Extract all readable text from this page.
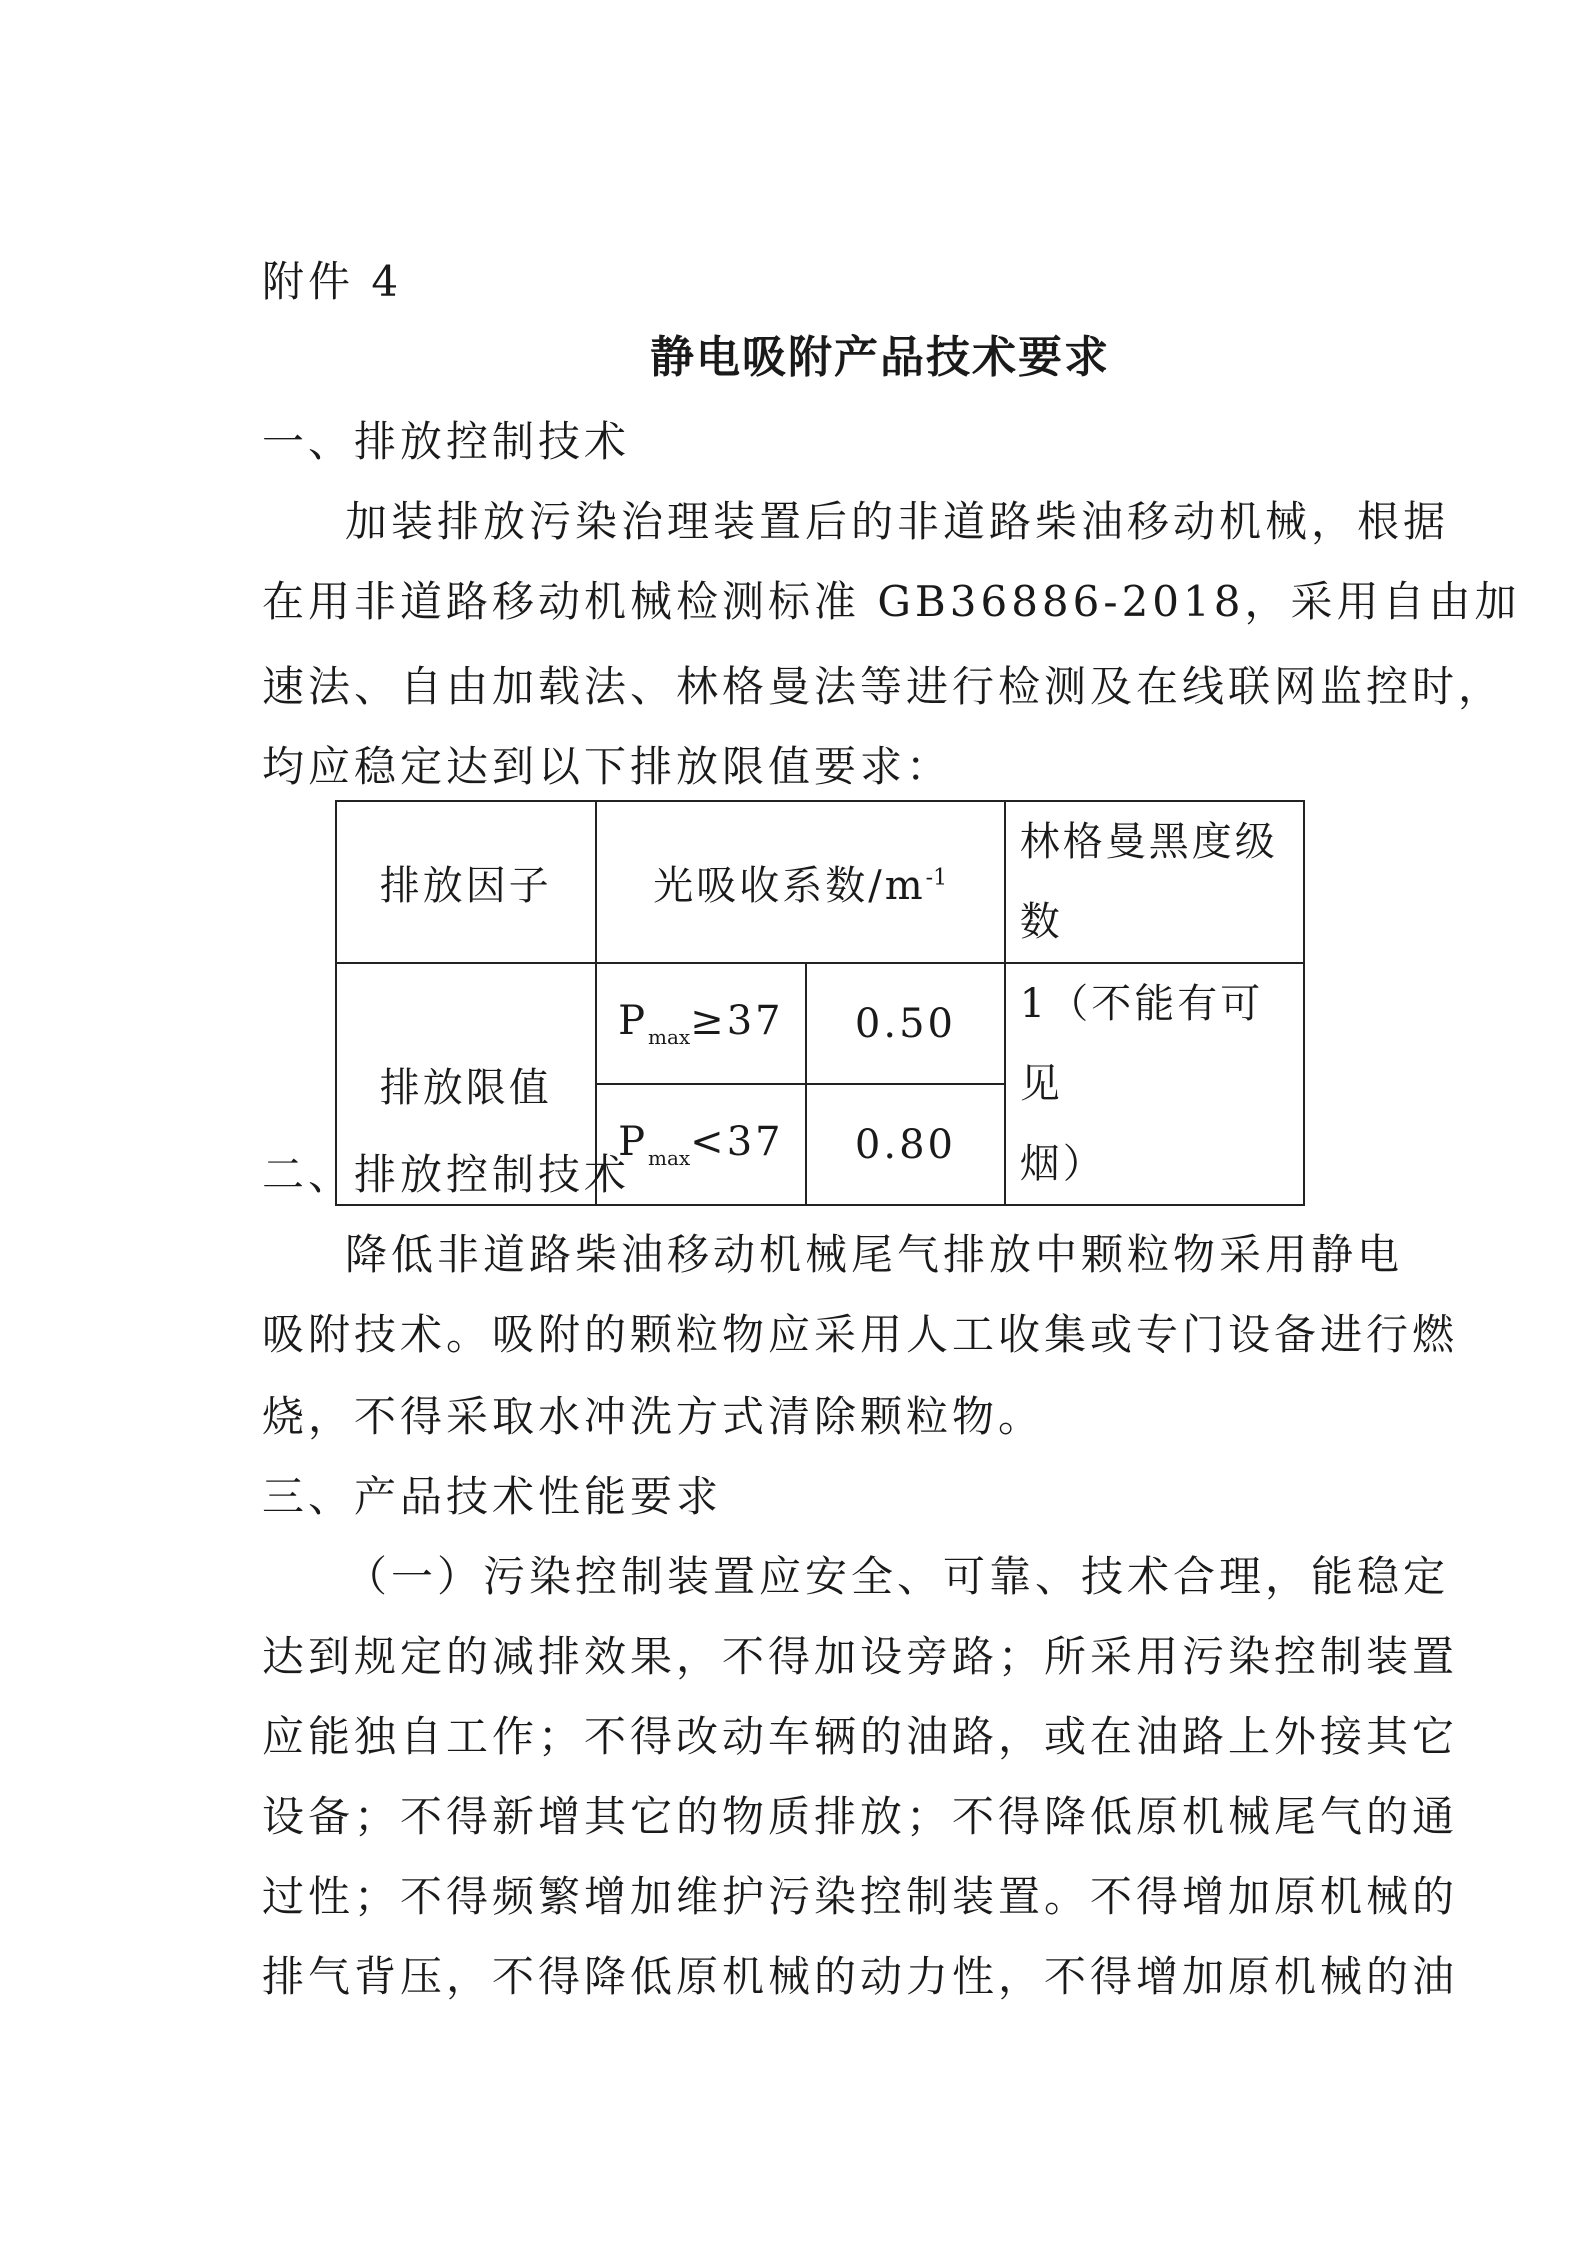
附件 4
静电吸附产品技术要求
一、排放控制技术
加装排放污染治理装置后的非道路柴油移动机械，根据
在用非道路移动机械检测标准 GB36886-2018，采用自由加
速法、自由加载法、林格曼法等进行检测及在线联网监控时，
均应稳定达到以下排放限值要求：
排放因子	光吸收系数$/m^{-1}$		林格曼黑度级
数

排放限值	$P_{max}\ge 37$	0.50	1（不能有可见
烟）

	$P_{max}<37$	0.80	
二、排放控制技术
降低非道路柴油移动机械尾气排放中颗粒物采用静电
吸附技术。吸附的颗粒物应采用人工收集或专门设备进行燃
烧，不得采取水冲洗方式清除颗粒物。
三、产品技术性能要求
（一）污染控制装置应安全、可靠、技术合理，能稳定
达到规定的减排效果，不得加设旁路；所采用污染控制装置
应能独自工作；不得改动车辆的油路，或在油路上外接其它
设备；不得新增其它的物质排放；不得降低原机械尾气的通
过性；不得频繁增加维护污染控制装置。不得增加原机械的
排气背压，不得降低原机械的动力性，不得增加原机械的油
